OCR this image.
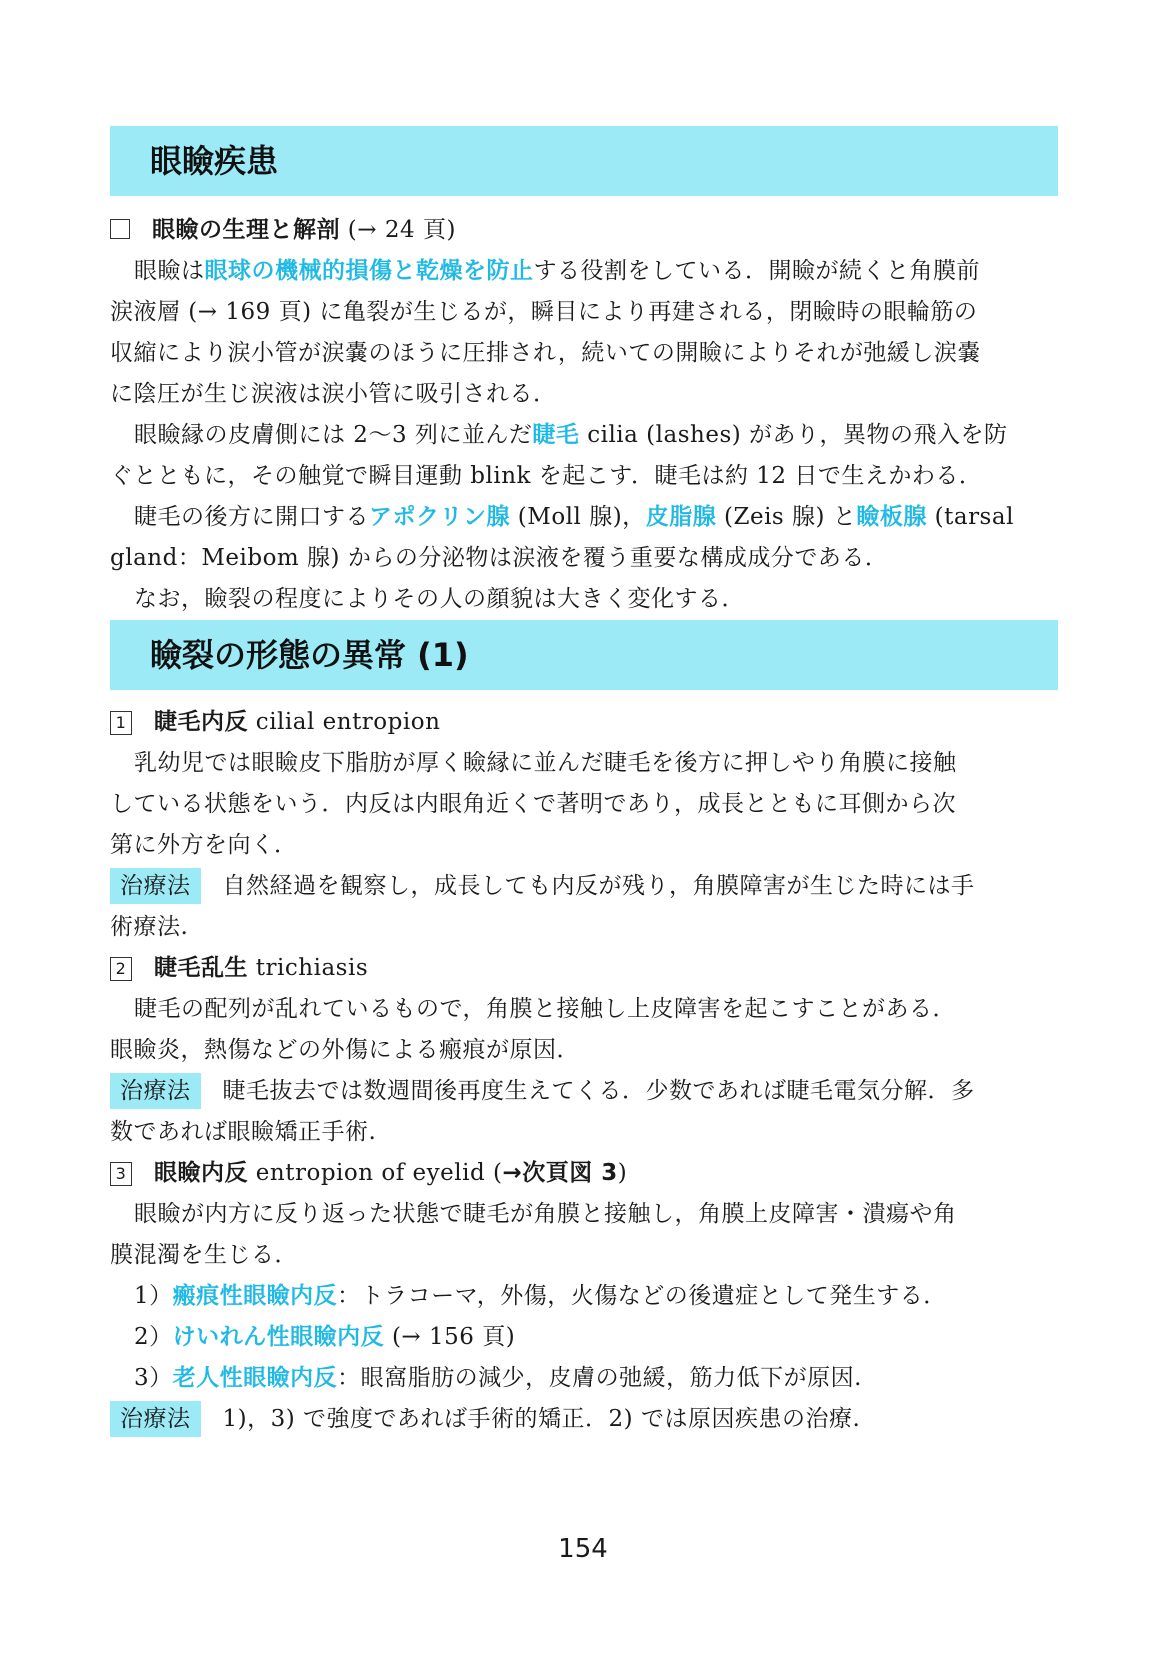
眼瞼疾患
眼瞼の生理と解剖 (→ 24 頁)
眼瞼は眼球の機械的損傷と乾燥を防止する役割をしている．開瞼が続くと角膜前
涙液層 (→ 169 頁) に亀裂が生じるが，瞬目により再建される，閉瞼時の眼輪筋の
収縮により涙小管が涙嚢のほうに圧排され，続いての開瞼によりそれが弛緩し涙嚢
に陰圧が生じ涙液は涙小管に吸引される．
眼瞼縁の皮膚側には 2〜3 列に並んだ睫毛 cilia (lashes) があり，異物の飛入を防
ぐとともに，その触覚で瞬目運動 blink を起こす．睫毛は約 12 日で生えかわる．
睫毛の後方に開口するアポクリン腺 (Moll 腺)，皮脂腺 (Zeis 腺) と瞼板腺 (tarsal
gland：Meibom 腺) からの分泌物は涙液を覆う重要な構成成分である．
なお，瞼裂の程度によりその人の顔貌は大きく変化する．
瞼裂の形態の異常 (1)
1 睫毛内反 cilial entropion
乳幼児では眼瞼皮下脂肪が厚く瞼縁に並んだ睫毛を後方に押しやり角膜に接触
している状態をいう．内反は内眼角近くで著明であり，成長とともに耳側から次
第に外方を向く．
治療法 自然経過を観察し，成長しても内反が残り，角膜障害が生じた時には手
術療法.
2 睫毛乱生 trichiasis
睫毛の配列が乱れているもので，角膜と接触し上皮障害を起こすことがある．
眼瞼炎，熱傷などの外傷による瘢痕が原因．
治療法 睫毛抜去では数週間後再度生えてくる．少数であれば睫毛電気分解．多
数であれば眼瞼矯正手術.
3 眼瞼内反 entropion of eyelid (→次頁図 3)
眼瞼が内方に反り返った状態で睫毛が角膜と接触し，角膜上皮障害・潰瘍や角
膜混濁を生じる．
1）瘢痕性眼瞼内反：トラコーマ，外傷，火傷などの後遺症として発生する．
2）けいれん性眼瞼内反 (→ 156 頁)
3）老人性眼瞼内反：眼窩脂肪の減少，皮膚の弛緩，筋力低下が原因.
治療法 1)，3) で強度であれば手術的矯正．2) では原因疾患の治療.
154
